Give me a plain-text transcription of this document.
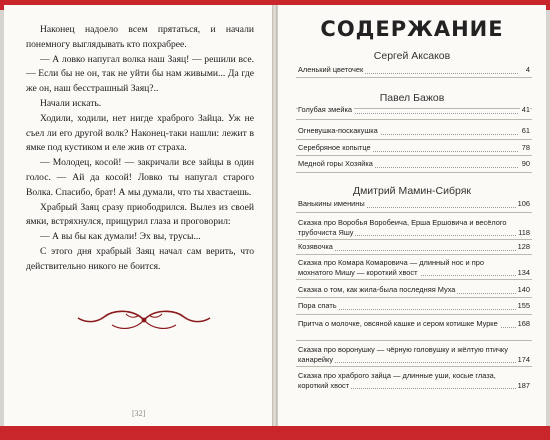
Наконец надоело всем прятаться, и начали понемногу выглядывать кто похрабрее.

— А ловко напугал волка наш Заяц! — решили все. — Если бы не он, так не уйти бы нам живыми... Да где же он, наш бесстрашный Заяц?..

Начали искать.

Ходили, ходили, нет нигде храброго Зайца. Уж не съел ли его другой волк? Наконец-таки нашли: лежит в ямке под кустиком и еле жив от страха.

— Молодец, косой! — закричали все зайцы в один голос. — Ай да косой! Ловко ты напугал старого Волка. Спасибо, брат! А мы думали, что ты хвастаешь.

Храбрый Заяц сразу приободрился. Вылез из своей ямки, встряхнулся, прищурил глаза и проговорил:

— А вы бы как думали! Эх вы, трусы...

С этого дня храбрый Заяц начал сам верить, что действительно никого не боится.

[32]
СОДЕРЖАНИЕ
Сергей Аксаков
Аленький цветочек	4
Павел Бажов
Голубая змейка	41
Огневушка-поскакушка	61
Серебряное копытце	78
Медной горы Хозяйка	90
Дмитрий Мамин-Сибряк
Ванькины именины	106
Сказка про Воробья Воробеича, Ерша Ершовича и весёлого трубочиста Яшу	118
Козявочка	128
Сказка про Комара Комаровича — длинный нос и про мохнатого Мишу — короткий хвост	134
Сказка о том, как жила-была последняя Муха	140
Пора спать	155
Притча о молочке, овсяной кашке и сером котишке Мурке	168
Сказка про воронушку — чёрную головушку и жёлтую птичку канарейку	174
Сказка про храброго зайца — длинные уши, косые глаза, короткий хвост	187
